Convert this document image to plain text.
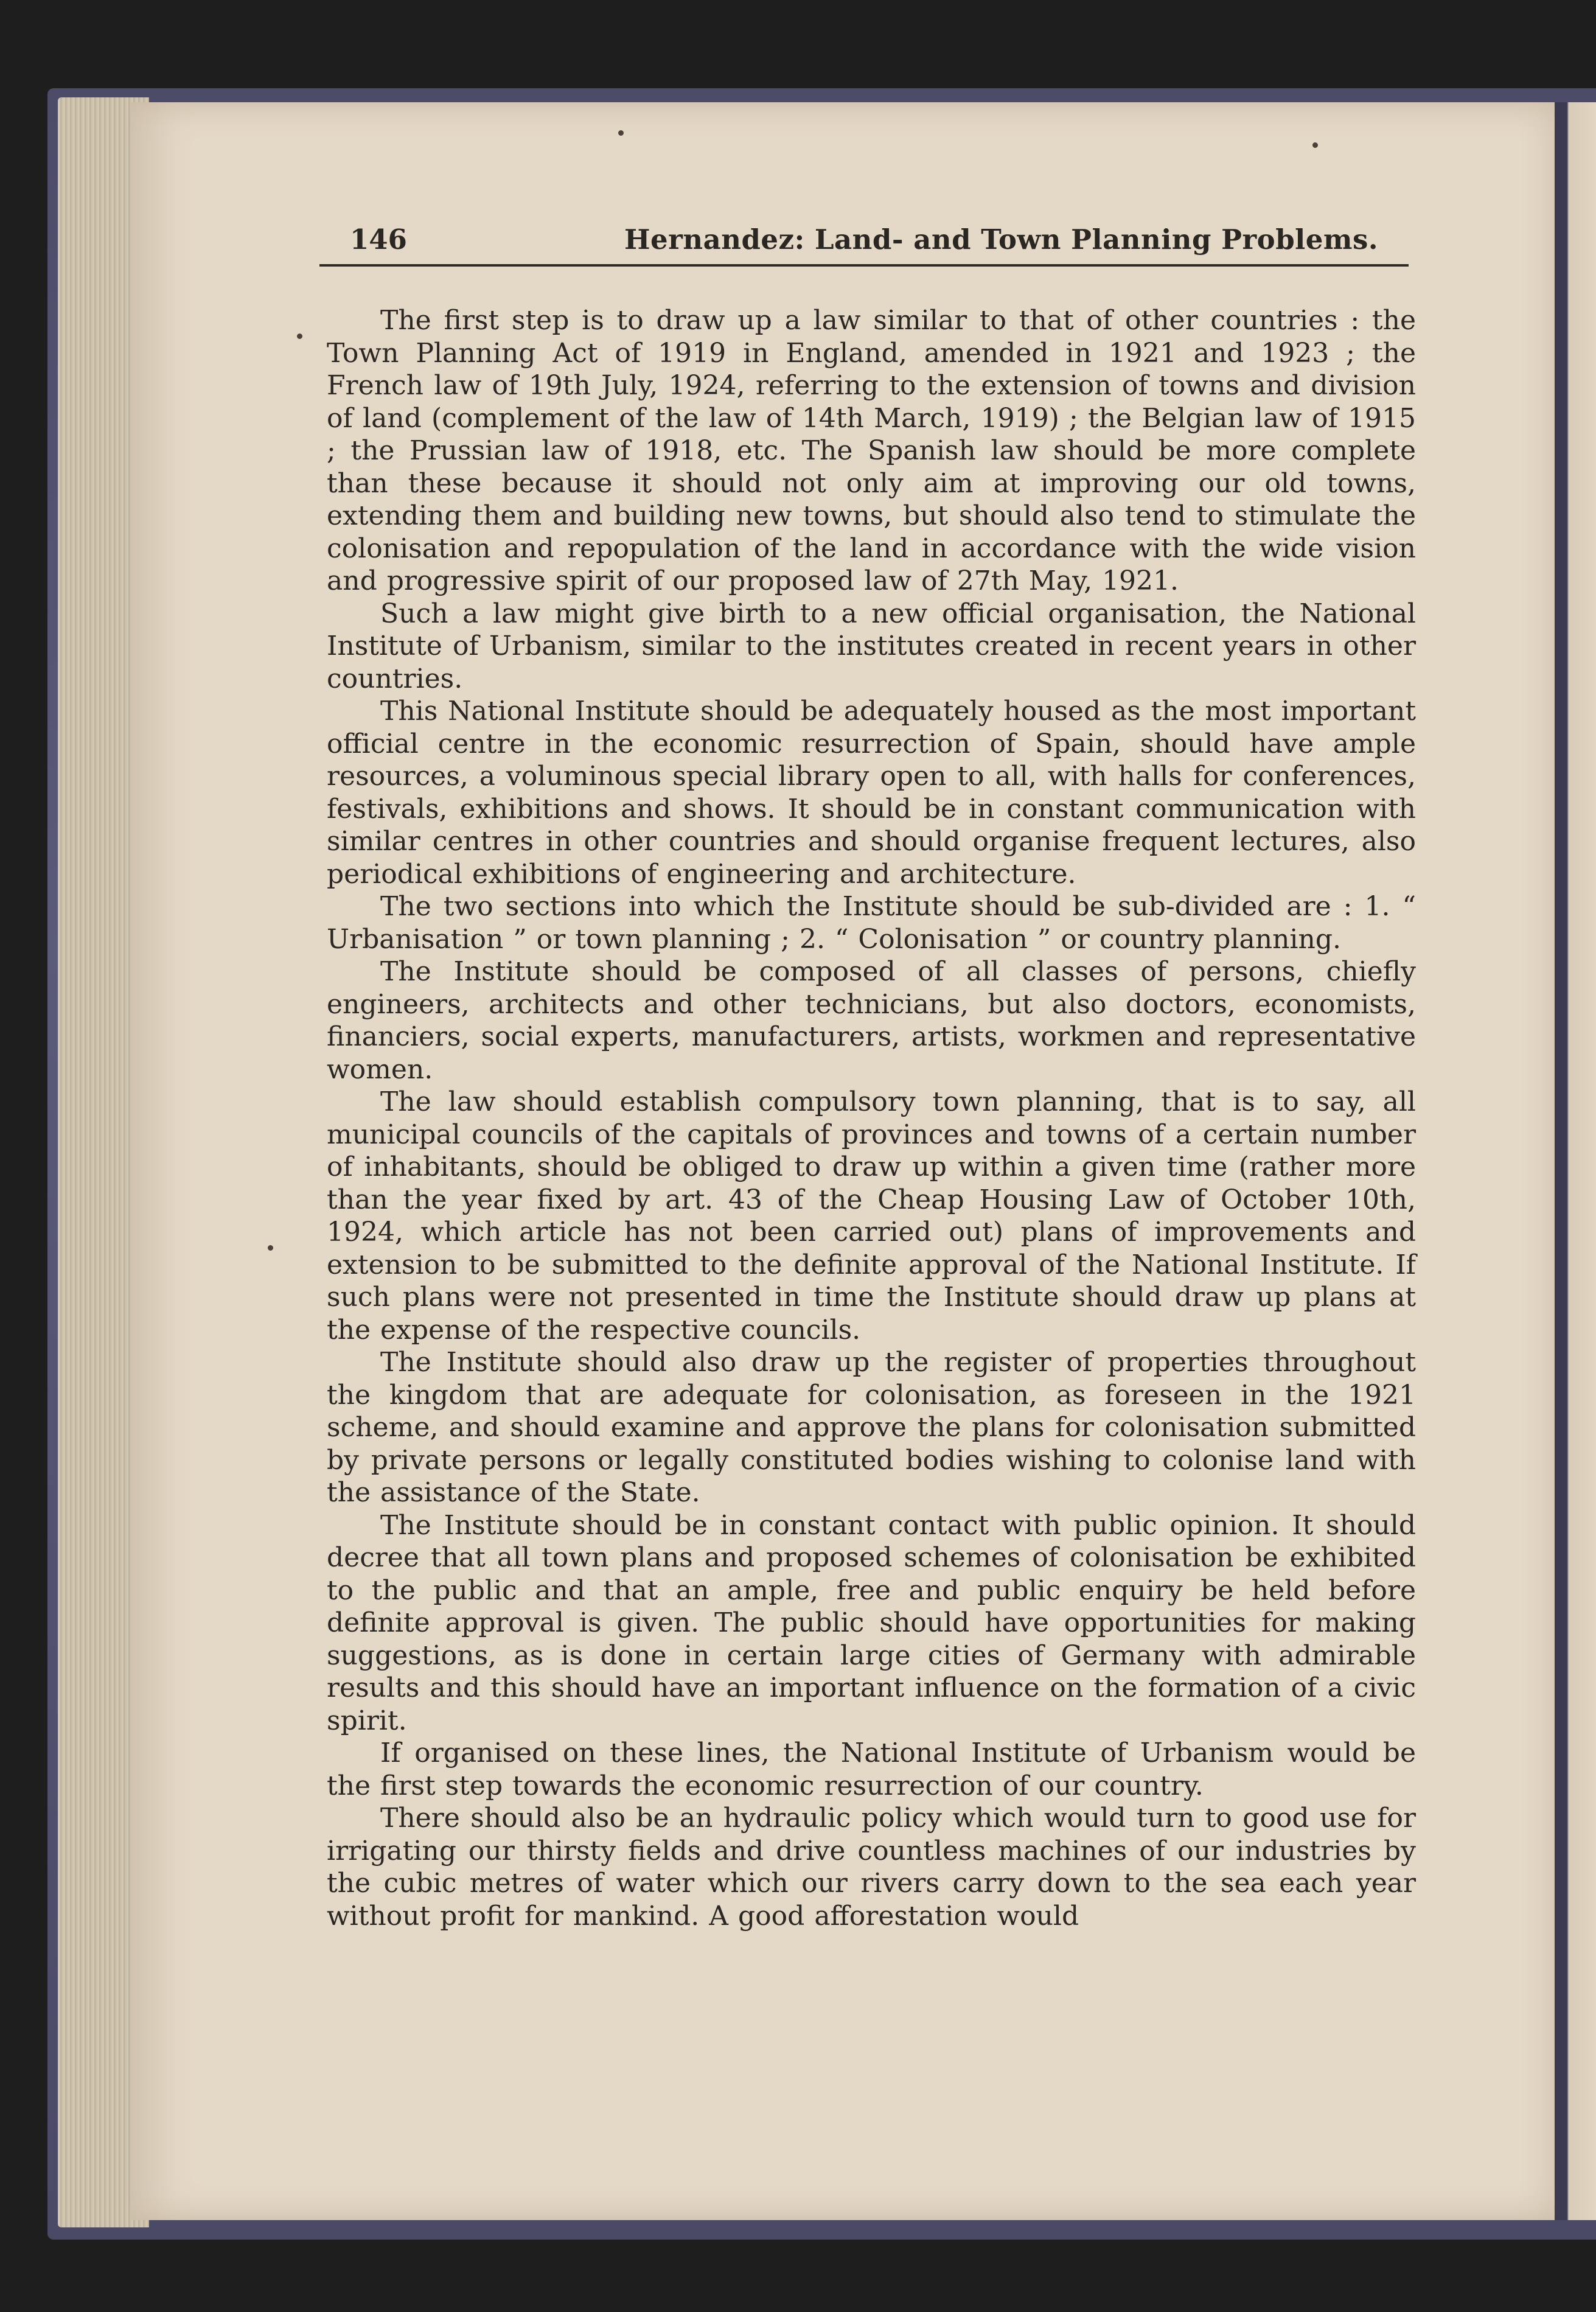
146	Hernandez: Land- and Town Planning Problems.

The first step is to draw up a law similar to that of other countries : the Town Planning Act of 1919 in England, amended in 1921 and 1923 ; the French law of 19th July, 1924, referring to the extension of towns and division of land (complement of the law of 14th March, 1919) ; the Belgian law of 1915 ; the Prussian law of 1918, etc. The Spanish law should be more complete than these because it should not only aim at improving our old towns, extending them and building new towns, but should also tend to stimulate the colonisation and repopulation of the land in accordance with the wide vision and progressive spirit of our proposed law of 27th May, 1921.

Such a law might give birth to a new official organisation, the National Institute of Urbanism, similar to the institutes created in recent years in other countries.

This National Institute should be adequately housed as the most important official centre in the economic resurrection of Spain, should have ample resources, a voluminous special library open to all, with halls for conferences, festivals, exhibitions and shows. It should be in constant communication with similar centres in other countries and should organise frequent lectures, also periodical exhibitions of engineering and architecture.

The two sections into which the Institute should be sub-divided are : 1. “ Urbanisation ” or town planning ; 2. “ Colonisation ” or country planning.

The Institute should be composed of all classes of persons, chiefly engineers, architects and other technicians, but also doctors, economists, financiers, social experts, manufacturers, artists, workmen and representative women.

The law should establish compulsory town planning, that is to say, all municipal councils of the capitals of provinces and towns of a certain number of inhabitants, should be obliged to draw up within a given time (rather more than the year fixed by art. 43 of the Cheap Housing Law of October 10th, 1924, which article has not been carried out) plans of improvements and extension to be submitted to the definite approval of the National Institute. If such plans were not presented in time the Institute should draw up plans at the expense of the respective councils.

The Institute should also draw up the register of properties throughout the kingdom that are adequate for colonisation, as foreseen in the 1921 scheme, and should examine and approve the plans for colonisation submitted by private persons or legally constituted bodies wishing to colonise land with the assistance of the State.

The Institute should be in constant contact with public opinion. It should decree that all town plans and proposed schemes of colonisation be exhibited to the public and that an ample, free and public enquiry be held before definite approval is given. The public should have opportunities for making suggestions, as is done in certain large cities of Germany with admirable results and this should have an important influence on the formation of a civic spirit.

If organised on these lines, the National Institute of Urbanism would be the first step towards the economic resurrection of our country.

There should also be an hydraulic policy which would turn to good use for irrigating our thirsty fields and drive countless machines of our industries by the cubic metres of water which our rivers carry down to the sea each year without profit for mankind. A good afforestation would
